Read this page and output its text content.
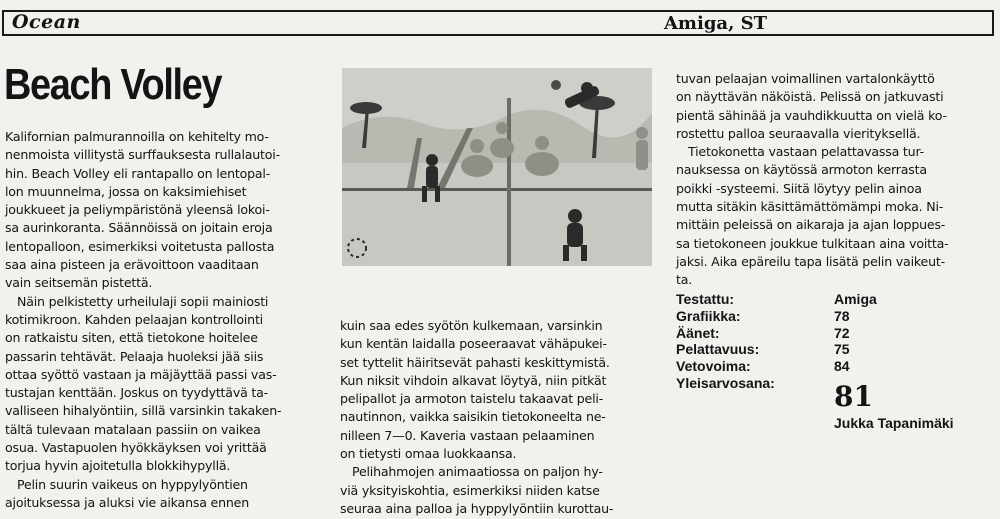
Ocean	Amiga, ST
Beach Volley

Kalifornian palmurannoilla on kehitelty mo-

nenmoista villitystä surffauksesta rullalautoi-

hin. Beach Volley eli rantapallo on lentopal-

lon muunnelma, jossa on kaksimiehiset

joukkueet ja peliympäristönä yleensä lokoi-

sa aurinkoranta. Säännöissä on joitain eroja

lentopalloon, esimerkiksi voitetusta pallosta

saa aina pisteen ja erävoittoon vaaditaan

vain seitsemän pistettä.

Näin pelkistetty urheilulaji sopii mainiosti

kotimikroon. Kahden pelaajan kontrollointi

on ratkaistu siten, että tietokone hoitelee

passarin tehtävät. Pelaaja huoleksi jää siis

ottaa syöttö vastaan ja mäjäyttää passi vas-

tustajan kenttään. Joskus on tyydyttävä ta-

valliseen hihalyöntiin, sillä varsinkin takaken-

tältä tulevaan matalaan passiin on vaikea

osua. Vastapuolen hyökkäyksen voi yrittää

torjua hyvin ajoitetulla blokkihypyllä.

Pelin suurin vaikeus on hyppylyöntien

ajoituksessa ja aluksi vie aikansa ennen

kuin saa edes syötön kulkemaan, varsinkin

kun kentän laidalla poseeraavat vähäpukei-

set tyttelit häiritsevät pahasti keskittymistä.

Kun niksit vihdoin alkavat löytyä, niin pitkät

pelipallot ja armoton taistelu takaavat peli-

nautinnon, vaikka saisikin tietokoneelta ne-

nilleen 7—0. Kaveria vastaan pelaaminen

on tietysti omaa luokkaansa.

Pelihahmojen animaatiossa on paljon hy-

viä yksityiskohtia, esimerkiksi niiden katse

seuraa aina palloa ja hyppylyöntiin kurottau-

tuvan pelaajan voimallinen vartalonkäyttö

on näyttävän näköistä. Pelissä on jatkuvasti

pientä sähinää ja vauhdikkuutta on vielä ko-

rostettu palloa seuraavalla vierityksellä.

Tietokonetta vastaan pelattavassa tur-

nauksessa on käytössä armoton kerrasta

poikki -systeemi. Siitä löytyy pelin ainoa

mutta sitäkin käsittämättömämpi moka. Ni-

mittäin peleissä on aikaraja ja ajan loppues-

sa tietokoneen joukkue tulkitaan aina voitta-

jaksi. Aika epäreilu tapa lisätä pelin vaikeut-

ta.

Testattu:	Amiga
Grafiikka:	78
Äänet:	72
Pelattavuus:	75
Vetovoima:	84
Yleisarvosana: 81
Jukka Tapanimäki
